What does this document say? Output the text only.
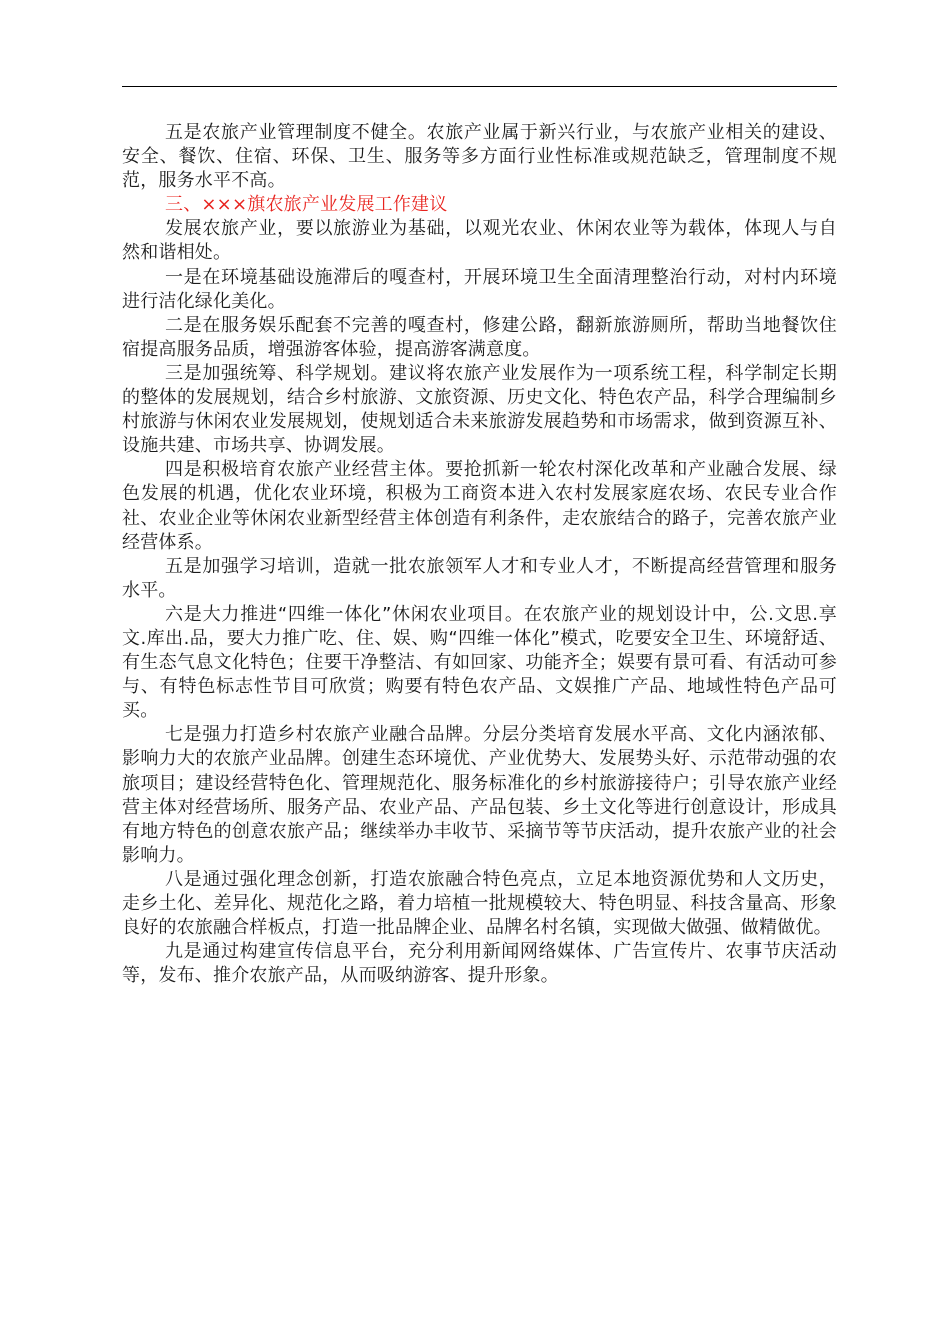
五是农旅产业管理制度不健全。农旅产业属于新兴行业，与农旅产业相关的建设、安全、餐饮、住宿、环保、卫生、服务等多方面行业性标准或规范缺乏，管理制度不规范，服务水平不高。

三、×××旗农旅产业发展工作建议

发展农旅产业，要以旅游业为基础，以观光农业、休闲农业等为载体，体现人与自然和谐相处。

一是在环境基础设施滞后的嘎查村，开展环境卫生全面清理整治行动，对村内环境进行洁化绿化美化。

二是在服务娱乐配套不完善的嘎查村，修建公路，翻新旅游厕所，帮助当地餐饮住宿提高服务品质，增强游客体验，提高游客满意度。

三是加强统筹、科学规划。建议将农旅产业发展作为一项系统工程，科学制定长期的整体的发展规划，结合乡村旅游、文旅资源、历史文化、特色农产品，科学合理编制乡村旅游与休闲农业发展规划，使规划适合未来旅游发展趋势和市场需求，做到资源互补、设施共建、市场共享、协调发展。

四是积极培育农旅产业经营主体。要抢抓新一轮农村深化改革和产业融合发展、绿色发展的机遇，优化农业环境，积极为工商资本进入农村发展家庭农场、农民专业合作社、农业企业等休闲农业新型经营主体创造有利条件，走农旅结合的路子，完善农旅产业经营体系。

五是加强学习培训，造就一批农旅领军人才和专业人才，不断提高经营管理和服务水平。

六是大力推进“四维一体化”休闲农业项目。在农旅产业的规划设计中，公.文思.享文.库出.品，要大力推广吃、住、娱、购“四维一体化”模式，吃要安全卫生、环境舒适、有生态气息文化特色；住要干净整洁、有如回家、功能齐全；娱要有景可看、有活动可参与、有特色标志性节目可欣赏；购要有特色农产品、文娱推广产品、地域性特色产品可买。

七是强力打造乡村农旅产业融合品牌。分层分类培育发展水平高、文化内涵浓郁、影响力大的农旅产业品牌。创建生态环境优、产业优势大、发展势头好、示范带动强的农旅项目；建设经营特色化、管理规范化、服务标准化的乡村旅游接待户；引导农旅产业经营主体对经营场所、服务产品、农业产品、产品包装、乡土文化等进行创意设计，形成具有地方特色的创意农旅产品；继续举办丰收节、采摘节等节庆活动，提升农旅产业的社会影响力。

八是通过强化理念创新，打造农旅融合特色亮点，立足本地资源优势和人文历史，走乡土化、差异化、规范化之路，着力培植一批规模较大、特色明显、科技含量高、形象良好的农旅融合样板点，打造一批品牌企业、品牌名村名镇，实现做大做强、做精做优。

九是通过构建宣传信息平台，充分利用新闻网络媒体、广告宣传片、农事节庆活动等，发布、推介农旅产品，从而吸纳游客、提升形象。
